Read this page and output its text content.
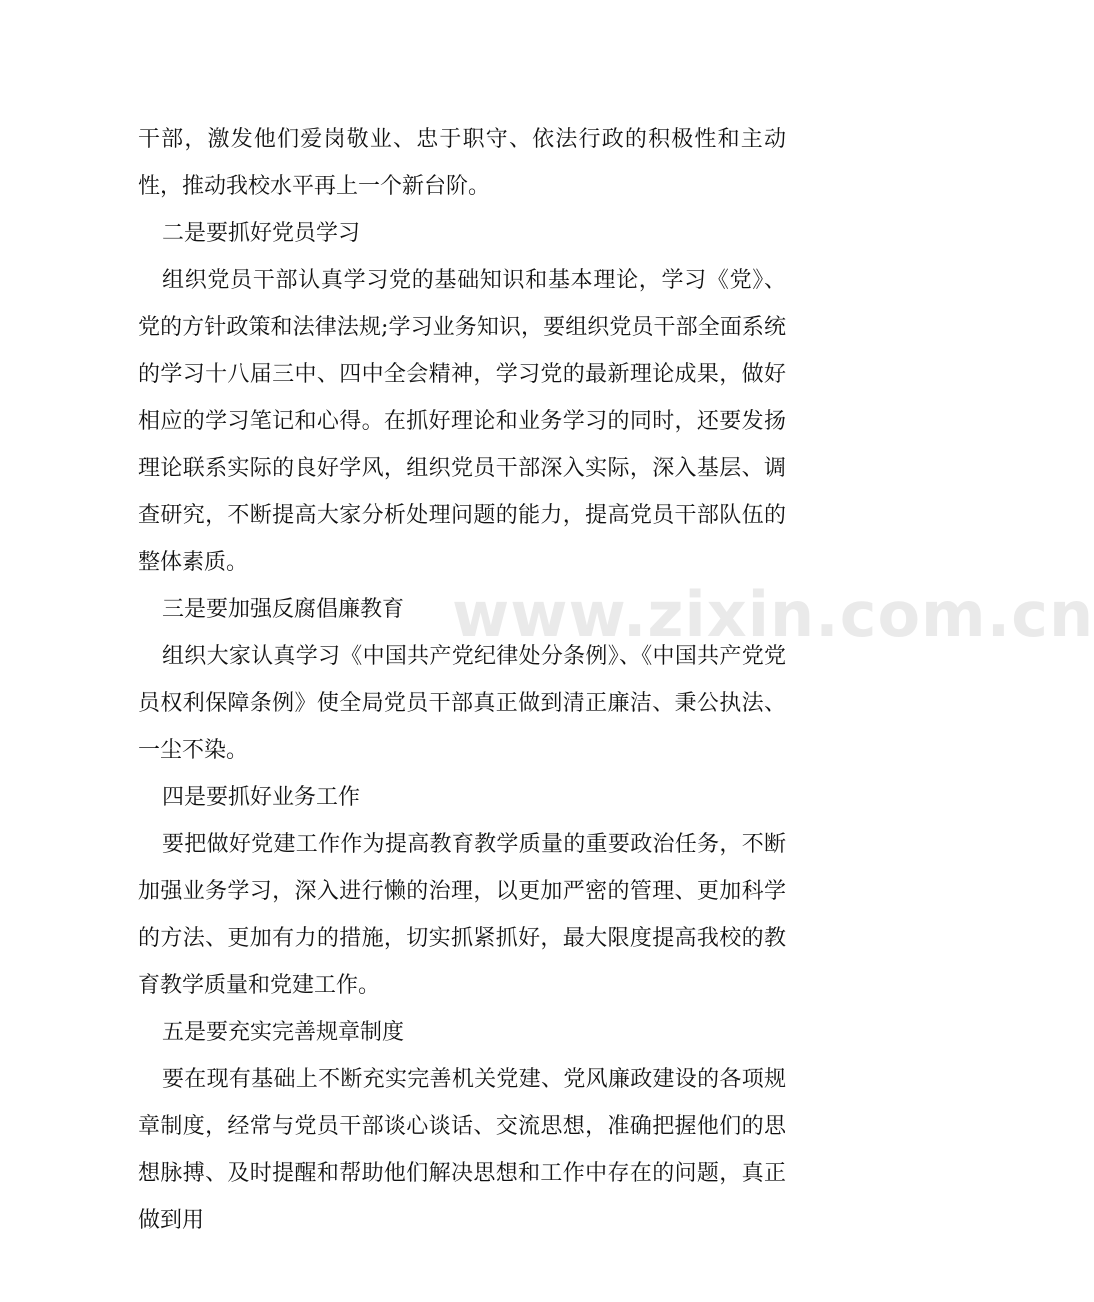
干部，激发他们爱岗敬业、忠于职守、依法行政的积极性和主动性，推动我校水平再上一个新台阶。

二是要抓好党员学习

组织党员干部认真学习党的基础知识和基本理论，学习《党》、党的方针政策和法律法规;学习业务知识，要组织党员干部全面系统的学习十八届三中、四中全会精神，学习党的最新理论成果，做好相应的学习笔记和心得。在抓好理论和业务学习的同时，还要发扬理论联系实际的良好学风，组织党员干部深入实际，深入基层、调查研究，不断提高大家分析处理问题的能力，提高党员干部队伍的整体素质。

三是要加强反腐倡廉教育

组织大家认真学习《中国共产党纪律处分条例》、《中国共产党党员权利保障条例》使全局党员干部真正做到清正廉洁、秉公执法、一尘不染。

四是要抓好业务工作

要把做好党建工作作为提高教育教学质量的重要政治任务，不断加强业务学习，深入进行懒的治理，以更加严密的管理、更加科学的方法、更加有力的措施，切实抓紧抓好，最大限度提高我校的教育教学质量和党建工作。

五是要充实完善规章制度

要在现有基础上不断充实完善机关党建、党风廉政建设的各项规章制度，经常与党员干部谈心谈话、交流思想，准确把握他们的思想脉搏、及时提醒和帮助他们解决思想和工作中存在的问题，真正做到用

www.zixin.com.cn
